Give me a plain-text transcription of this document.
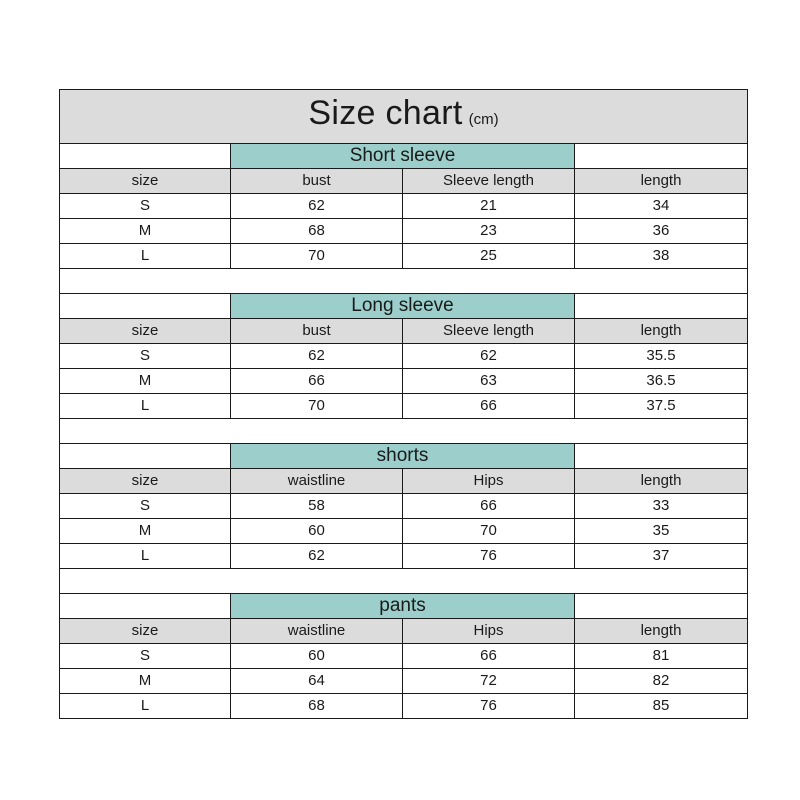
Size chart (cm)			
	Short sleeve		
size	bust	Sleeve length	length
S	62	21	34
M	68	23	36
L	70	25	38

	Long sleeve		
size	bust	Sleeve length	length
S	62	62	35.5
M	66	63	36.5
L	70	66	37.5

	shorts		
size	waistline	Hips	length
S	58	66	33
M	60	70	35
L	62	76	37

	pants		
size	waistline	Hips	length
S	60	66	81
M	64	72	82
L	68	76	85
